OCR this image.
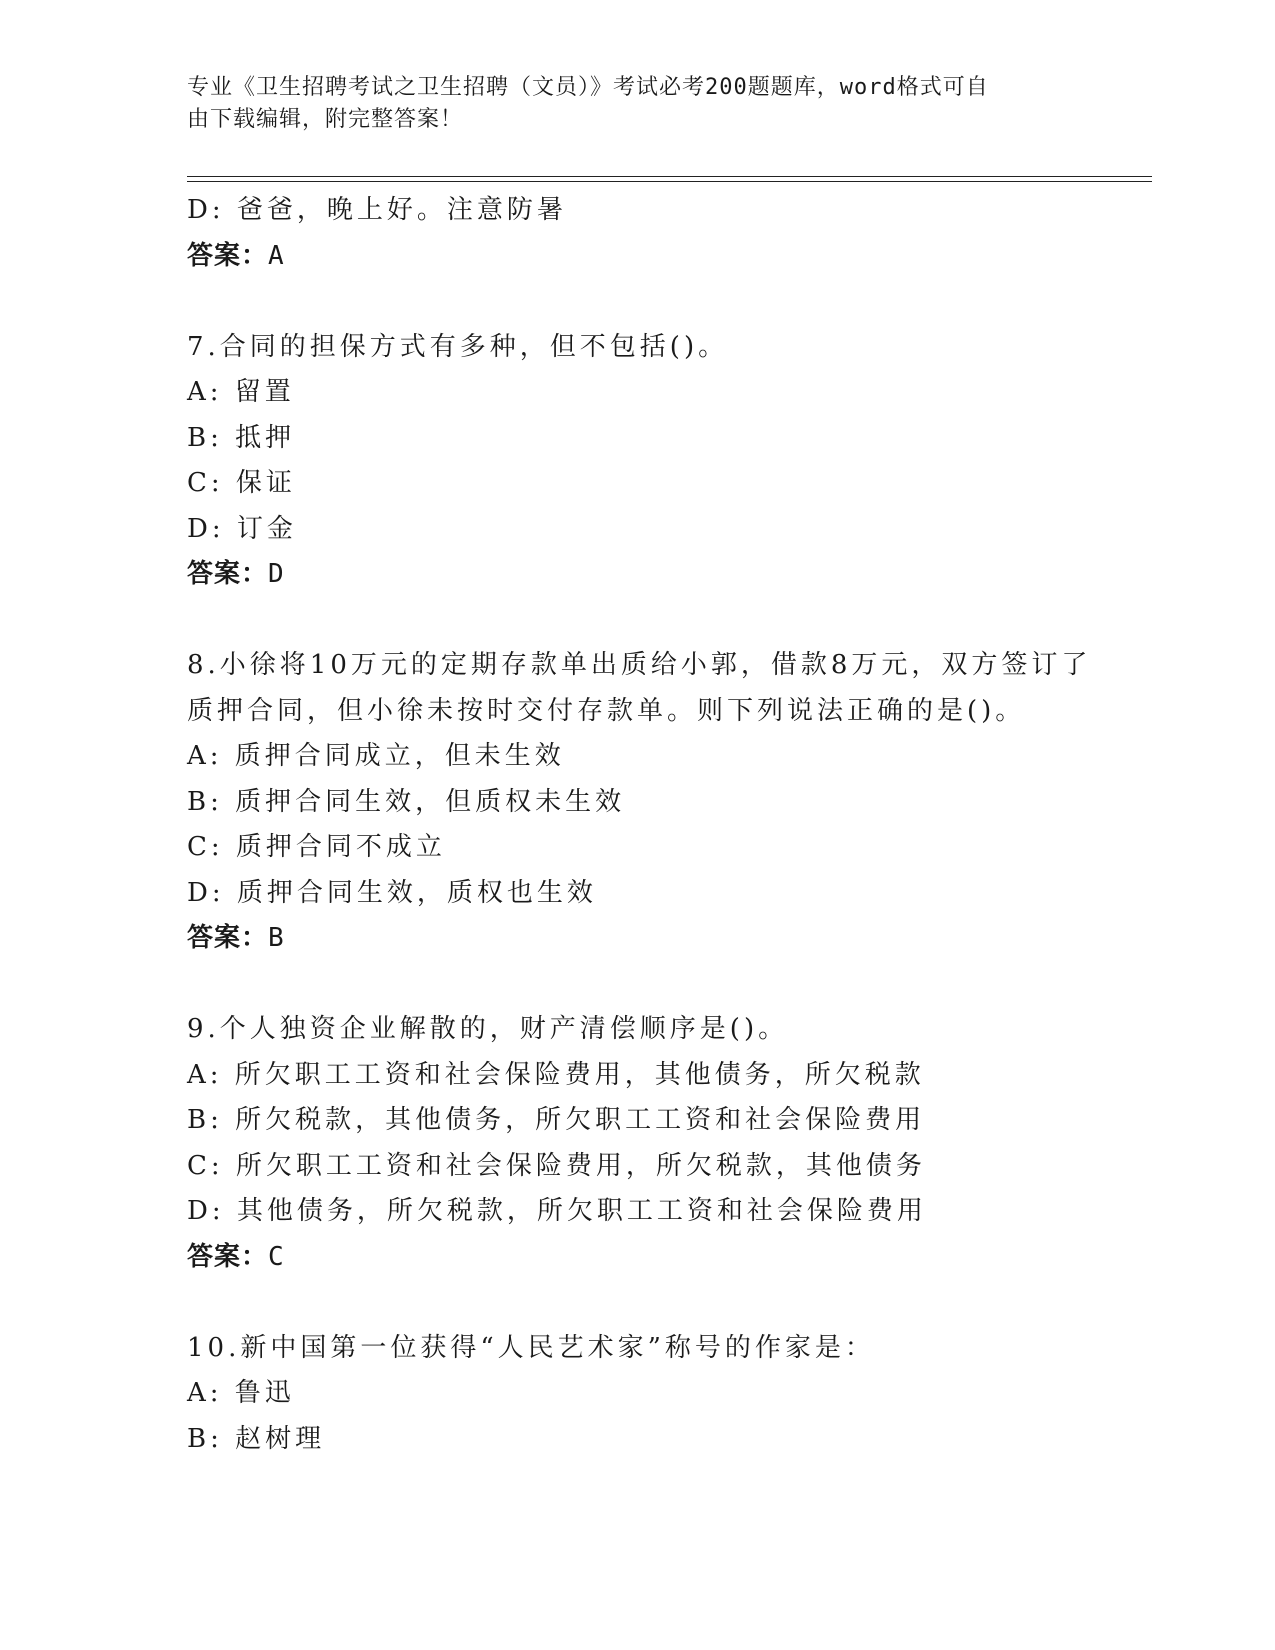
专业《卫生招聘考试之卫生招聘（文员）》考试必考200题题库，word格式可自
由下载编辑，附完整答案！
D: 爸爸，晚上好。注意防暑
答案：A
7.合同的担保方式有多种，但不包括()。
A: 留置
B: 抵押
C: 保证
D: 订金
答案：D
8.小徐将10万元的定期存款单出质给小郭，借款8万元，双方签订了
质押合同，但小徐未按时交付存款单。则下列说法正确的是()。
A: 质押合同成立，但未生效
B: 质押合同生效，但质权未生效
C: 质押合同不成立
D: 质押合同生效，质权也生效
答案：B
9.个人独资企业解散的，财产清偿顺序是()。
A: 所欠职工工资和社会保险费用，其他债务，所欠税款
B: 所欠税款，其他债务，所欠职工工资和社会保险费用
C: 所欠职工工资和社会保险费用，所欠税款，其他债务
D: 其他债务，所欠税款，所欠职工工资和社会保险费用
答案：C
10.新中国第一位获得“人民艺术家”称号的作家是：
A: 鲁迅
B: 赵树理
